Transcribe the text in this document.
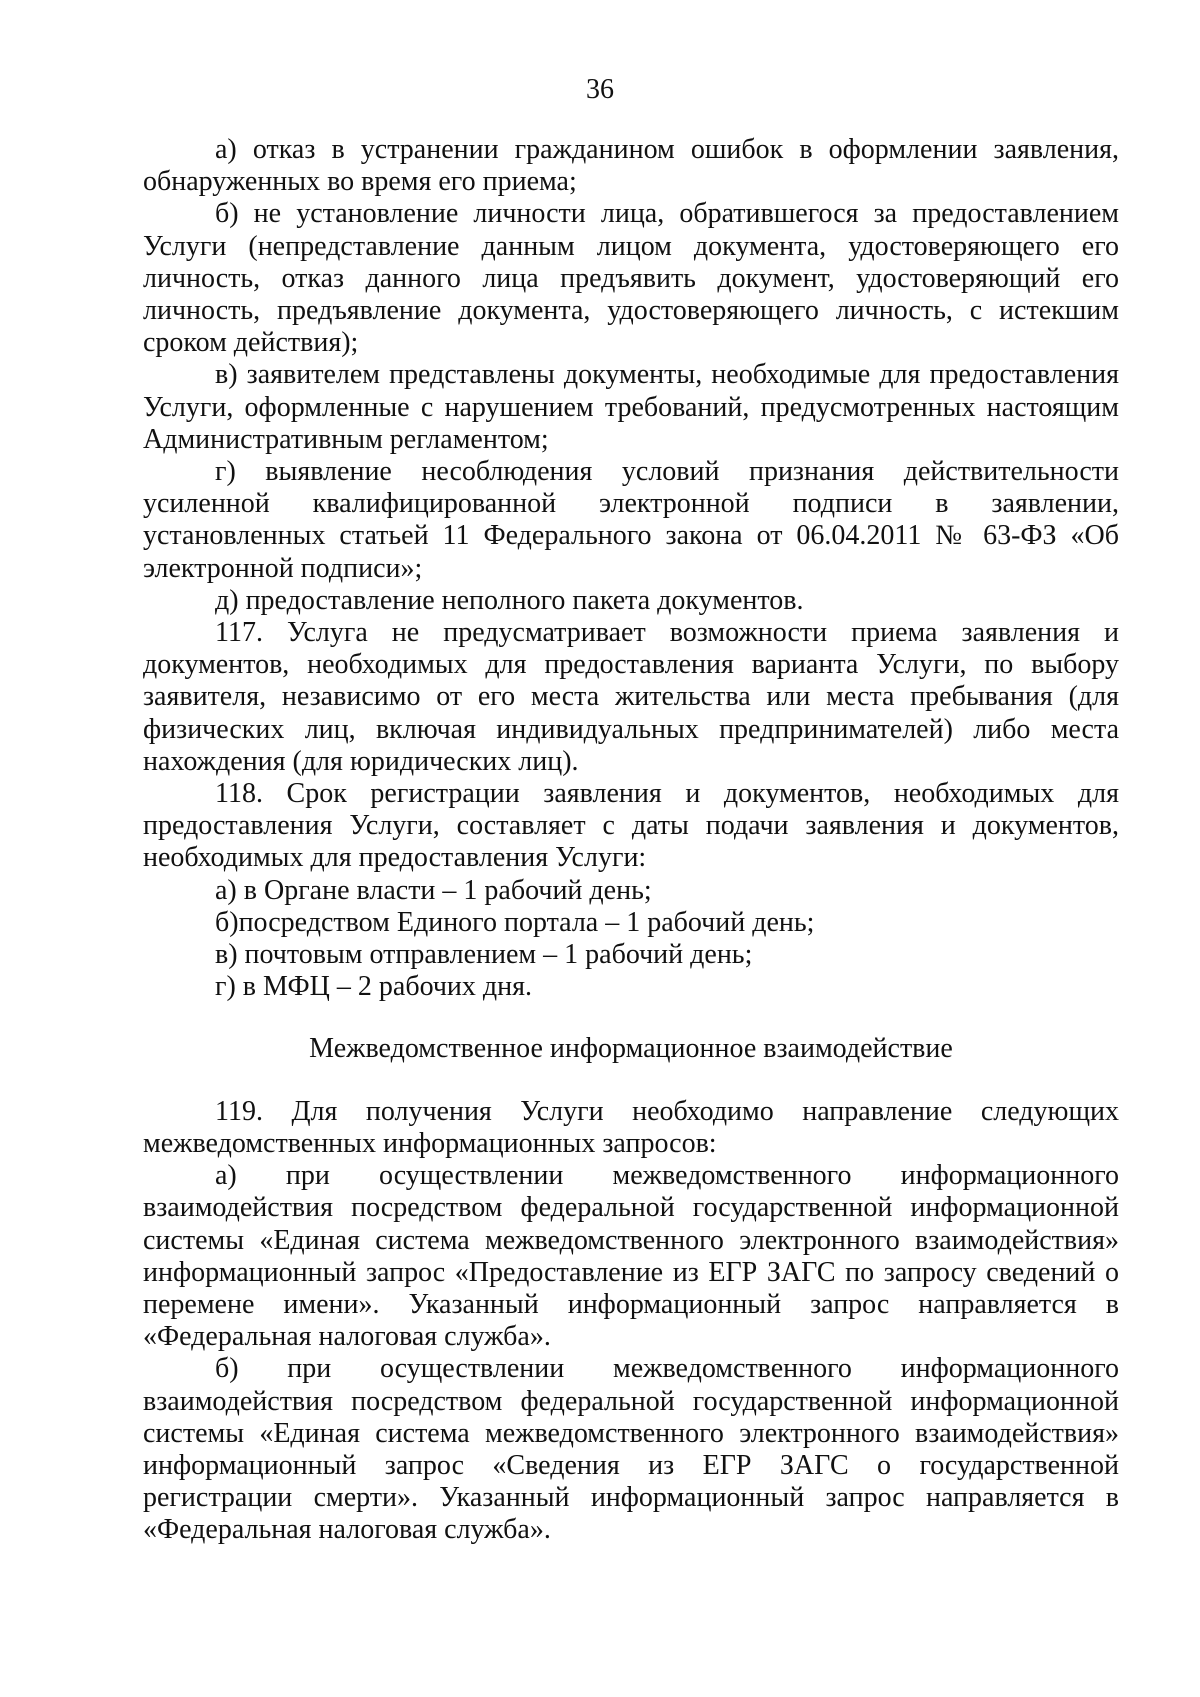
36

а) отказ в устранении гражданином ошибок в оформлении заявления, обнаруженных во время его приема;

б) не установление личности лица, обратившегося за предоставлением Услуги (непредставление данным лицом документа, удостоверяющего его личность, отказ данного лица предъявить документ, удостоверяющий его личность, предъявление документа, удостоверяющего личность, с истекшим сроком действия);

в) заявителем представлены документы, необходимые для предоставления Услуги, оформленные с нарушением требований, предусмотренных настоящим Административным регламентом;

г) выявление несоблюдения условий признания действительности усиленной квалифицированной электронной подписи в заявлении, установленных статьей 11 Федерального закона от 06.04.2011 № 63-ФЗ «Об электронной подписи»;

д) предоставление неполного пакета документов.

117. Услуга не предусматривает возможности приема заявления и документов, необходимых для предоставления варианта Услуги, по выбору заявителя, независимо от его места жительства или места пребывания (для физических лиц, включая индивидуальных предпринимателей) либо места нахождения (для юридических лиц).

118. Срок регистрации заявления и документов, необходимых для предоставления Услуги, составляет с даты подачи заявления и документов, необходимых для предоставления Услуги:

а) в Органе власти – 1 рабочий день;

б)посредством Единого портала – 1 рабочий день;

в) почтовым отправлением – 1 рабочий день;

г) в МФЦ – 2 рабочих дня.

Межведомственное информационное взаимодействие

119. Для получения Услуги необходимо направление следующих межведомственных информационных запросов:

а) при осуществлении межведомственного информационного взаимодействия посредством федеральной государственной информационной системы «Единая система межведомственного электронного взаимодействия» информационный запрос «Предоставление из ЕГР ЗАГС по запросу сведений о перемене имени». Указанный информационный запрос направляется в «Федеральная налоговая служба».

б) при осуществлении межведомственного информационного взаимодействия посредством федеральной государственной информационной системы «Единая система межведомственного электронного взаимодействия» информационный запрос «Сведения из ЕГР ЗАГС о государственной регистрации смерти». Указанный информационный запрос направляется в «Федеральная налоговая служба».
